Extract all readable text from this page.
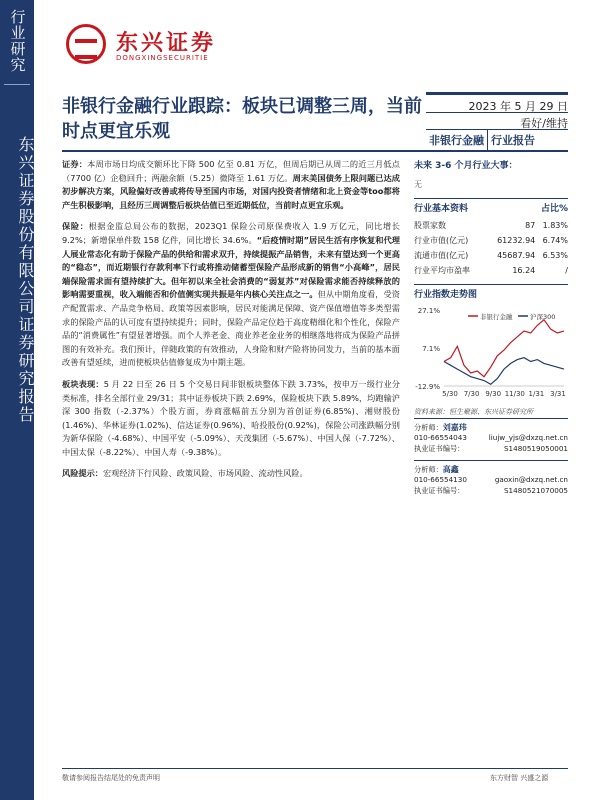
行业研究
东兴证券股份有限公司证券研究报告
东兴证券
DONGXINGSECURITIE
非银行金融行业跟踪：板块已调整三周，当前时点更宜乐观
2023 年 5 月 29 日
看好/维持
非银行金融 行业报告

证券：本周市场日均成交额环比下降 500 亿至 0.81 万亿，但周后期已从周二的近三月低点（7700 亿）企稳回升；两融余额（5.25）微降至 1.61 万亿。周末美国债务上限问题已达成初步解决方案，风险偏好改善或将传导至国内市场，对国内投资者情绪和北上资金等too都将产生积极影响，且经历三周调整后板块估值已至近期低位，当前时点更宜乐观。

保险：根据金监总局公布的数据，2023Q1 保险公司原保费收入 1.9 万亿元，同比增长 9.2%；新增保单件数 158 亿件，同比增长 34.6%。“后疫情时期”居民生活有序恢复和代理人展业常态化有助于保险产品的供给和需求双升，持续提振产品销售，未来有望达到一个更高的“稳态”，而近期银行存款利率下行或将推动储蓄型保险产品形成新的销售“小高峰”，居民端保险需求面有望持续扩大。但年初以来全社会消费的“弱复苏”对保险需求能否持续释放的影响需要重视，收入端能否和价值侧实现共振是年内核心关注点之一。但从中期角度看，受资产配置需求、产品竞争格局、政策等因素影响，居民对能满足保障、资产保值增值等多类型需求的保险产品的认可度有望持续提升；同时，保险产品定位趋于高度精细化和个性化，保险产品的“消费属性”有望显著增强。而个人养老金、商业养老金业务的相继落地将成为保险产品拼图的有效补充。我们预计，伴随政策的有效推动，人身险和财产险将协同发力，当前的基本面改善有望延续，进而使板块估值修复成为中期主题。

板块表现：5 月 22 日至 26 日 5 个交易日间非银板块整体下跌 3.73%，按申万一级行业分类标准，排名全部行业 29/31；其中证券板块下跌 2.69%，保险板块下跌 5.89%，均跑输沪深 300 指数（-2.37%）个股方面，券商涨幅前五分别为首创证券(6.85%)、湘财股份(1.46%)、华林证券(1.02%)、信达证券(0.96%)、哈投股份(0.92%)，保险公司涨跌幅分别为新华保险（-4.68%）、中国平安（-5.09%）、天茂集团（-5.67%）、中国人保（-7.72%）、中国太保（-8.22%）、中国人寿（-9.38%）。

风险提示：宏观经济下行风险、政策风险、市场风险、流动性风险。

未来 3-6 个月行业大事：
无
行业基本资料	占比%
股票家数	87	1.83%
行业市值(亿元)	61232.94	6.74%
流通市值(亿元)	45687.94	6.53%
行业平均市盈率	16.24	/
行业指数走势图
27.1%
7.1%
-12.9%
5/30 7/30 9/30 11/30 1/31 3/31
非银行金融	沪深300
资料来源：恒生聚源、东兴证券研究所
分析师：刘嘉玮
010-66554043	liujw_yjs@dxzq.net.cn
执业证书编号：	S1480519050001
分析师：高鑫
010-66554130	gaoxin@dxzq.net.cn
执业证书编号：	S1480521070005
敬请参阅报告结尾处的免责声明	东方财智 兴盛之源
